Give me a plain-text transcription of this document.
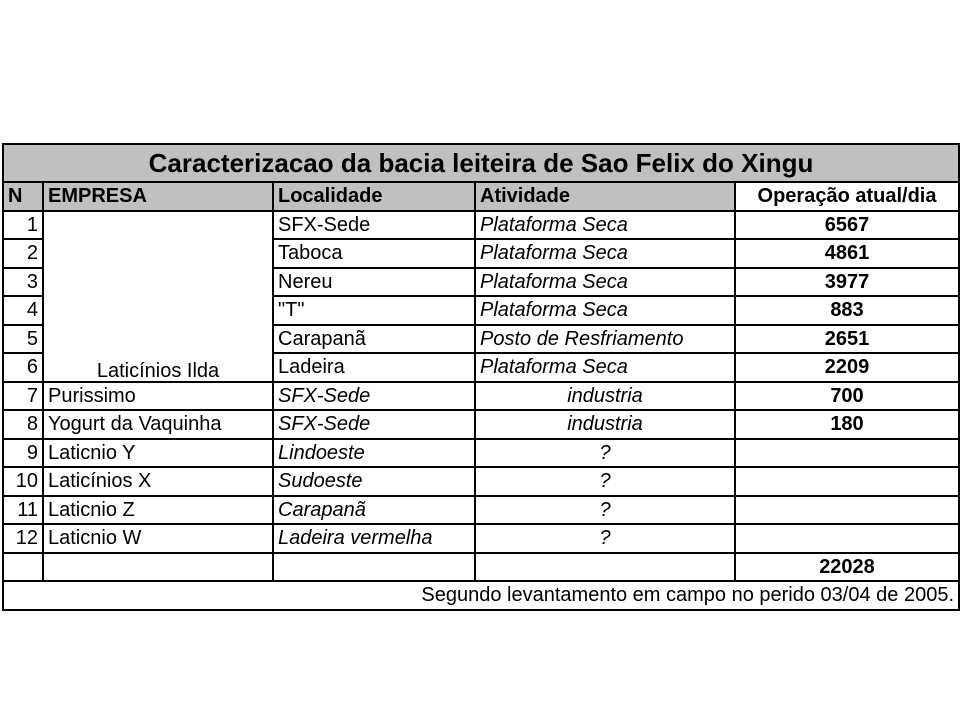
Caracterizacao da bacia leiteira de Sao Felix do Xingu				
N	EMPRESA	Localidade	Atividade	Operação atual/dia
1	Laticínios Ilda	SFX-Sede	Plataforma Seca	6567
2		Taboca	Plataforma Seca	4861
3		Nereu	Plataforma Seca	3977
4		"T"	Plataforma Seca	883
5		Carapanã	Posto de Resfriamento	2651
6		Ladeira	Plataforma Seca	2209
7	Purissimo	SFX-Sede	industria	700
8	Yogurt da Vaquinha	SFX-Sede	industria	180
9	Laticnio Y	Lindoeste	?	
10	Laticínios X	Sudoeste	?	
11	Laticnio Z	Carapanã	?	
12	Laticnio W	Ladeira vermelha	?	
				22028
Segundo levantamento em campo no perido 03/04 de 2005.				
